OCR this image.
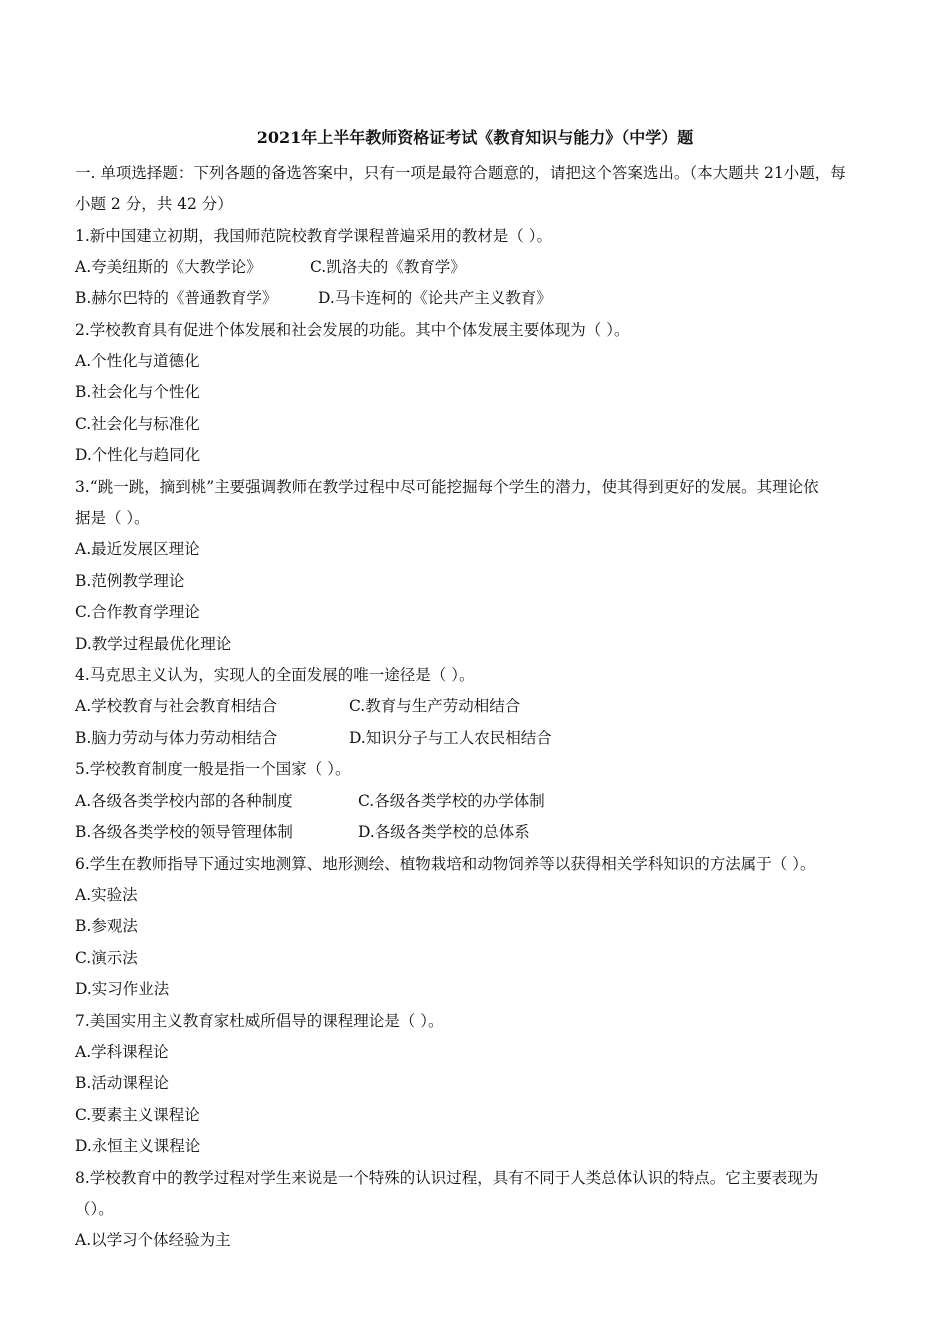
2021年上半年教师资格证考试《教育知识与能力》（中学）题
一. 单项选择题：下列各题的备选答案中，只有一项是最符合题意的，请把这个答案选出。（本大题共 21小题，每
小题 2 分，共 42 分）
1.新中国建立初期，我国师范院校教育学课程普遍采用的教材是（ ）。
A.夸美纽斯的《大教学论》	C.凯洛夫的《教育学》
B.赫尔巴特的《普通教育学》	D.马卡连柯的《论共产主义教育》
2.学校教育具有促进个体发展和社会发展的功能。其中个体发展主要体现为（ ）。
A.个性化与道德化
B.社会化与个性化
C.社会化与标准化
D.个性化与趋同化
3.“跳一跳，摘到桃”主要强调教师在教学过程中尽可能挖掘每个学生的潜力，使其得到更好的发展。其理论依
据是（ ）。
A.最近发展区理论
B.范例教学理论
C.合作教育学理论
D.教学过程最优化理论
4.马克思主义认为，实现人的全面发展的唯一途径是（ ）。
A.学校教育与社会教育相结合	C.教育与生产劳动相结合
B.脑力劳动与体力劳动相结合	D.知识分子与工人农民相结合
5.学校教育制度一般是指一个国家（ ）。
A.各级各类学校内部的各种制度	C.各级各类学校的办学体制
B.各级各类学校的领导管理体制	D.各级各类学校的总体系
6.学生在教师指导下通过实地测算、地形测绘、植物栽培和动物饲养等以获得相关学科知识的方法属于（ ）。
A.实验法
B.参观法
C.演示法
D.实习作业法
7.美国实用主义教育家杜威所倡导的课程理论是（ ）。
A.学科课程论
B.活动课程论
C.要素主义课程论
D.永恒主义课程论
8.学校教育中的教学过程对学生来说是一个特殊的认识过程，具有不同于人类总体认识的特点。它主要表现为
（）。
A.以学习个体经验为主
